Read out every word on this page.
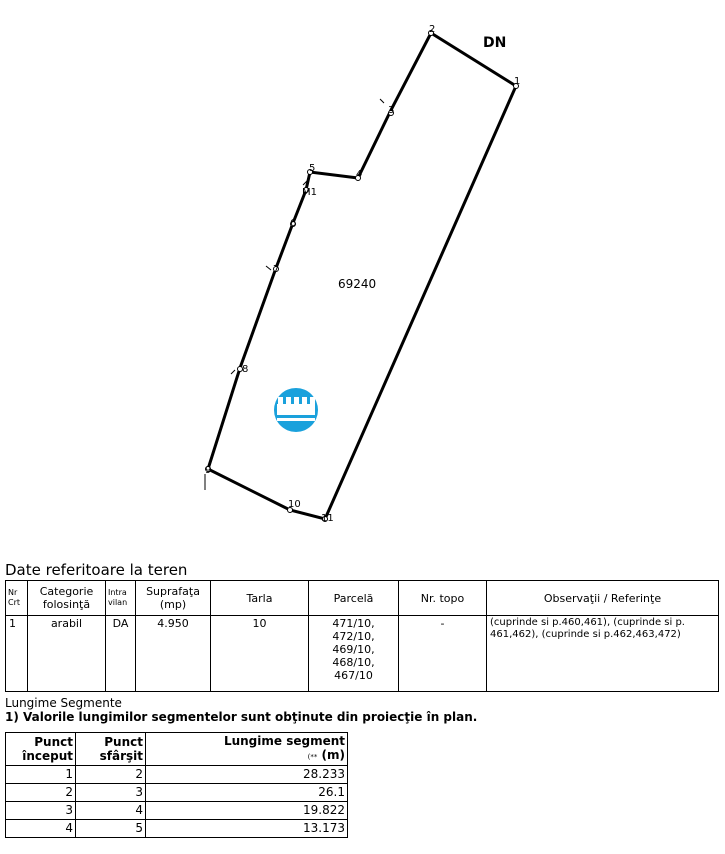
1
2
3
4
5
M1
6
7
8
9
10
11
DN
69240
Date referitoare la teren
Nr Crt	Categorie folosinţă	Intra vilan	Suprafaţa (mp)	Tarla	Parcelă	Nr. topo	Observaţii / Referinţe
1	arabil	DA	4.950	10	471/10,
472/10,
469/10,
468/10,
467/10	-	(cuprinde si p.460,461), (cuprinde si p. 461,462), (cuprinde si p.462,463,472)
Lungime Segmente
1) Valorile lungimilor segmentelor sunt obţinute din proiecţie în plan.
Punct început	Punct sfârşit	Lungime segment
(** (m)
1	2	28.233
2	3	26.1
3	4	19.822
4	5	13.173
